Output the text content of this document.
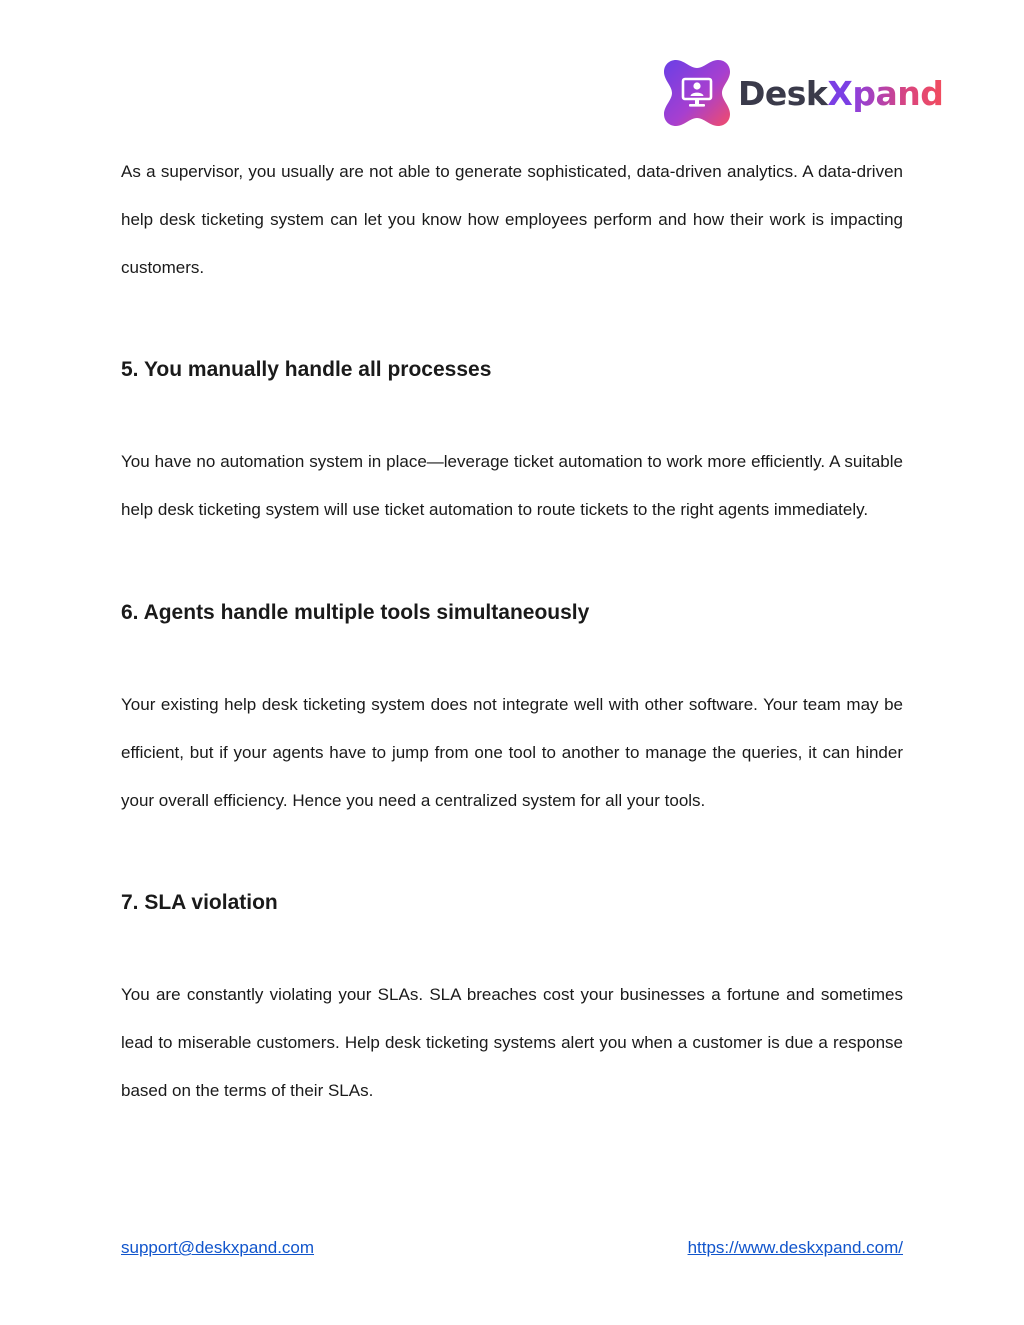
DeskXpand

As a supervisor, you usually are not able to generate sophisticated, data-driven analytics. A data-driven help desk ticketing system can let you know how employees perform and how their work is impacting customers.

5. You manually handle all processes

You have no automation system in place—leverage ticket automation to work more efficiently. A suitable help desk ticketing system will use ticket automation to route tickets to the right agents immediately.

6. Agents handle multiple tools simultaneously

Your existing help desk ticketing system does not integrate well with other software. Your team may be efficient, but if your agents have to jump from one tool to another to manage the queries, it can hinder your overall efficiency. Hence you need a centralized system for all your tools.

7. SLA violation

You are constantly violating your SLAs. SLA breaches cost your businesses a fortune and sometimes lead to miserable customers. Help desk ticketing systems alert you when a customer is due a response based on the terms of their SLAs.

support@deskxpand.com	https://www.deskxpand.com/
